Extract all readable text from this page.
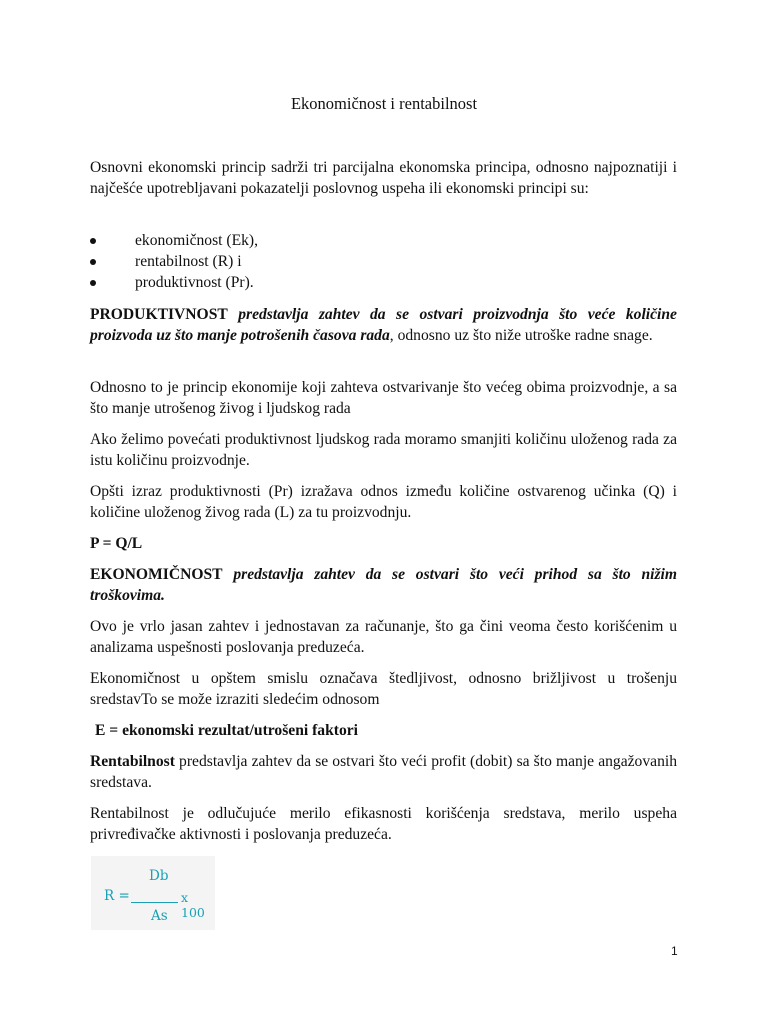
Ekonomičnost i rentabilnost

Osnovni ekonomski princip sadrži tri parcijalna ekonomska principa, odnosno najpoznatiji i najčešće upotrebljavani pokazatelji poslovnog uspeha ili ekonomski principi su:

ekonomičnost (Ek),
rentabilnost (R) i
produktivnost (Pr).

PRODUKTIVNOST predstavlja zahtev da se ostvari proizvodnja što veće količine proizvoda uz što manje potrošenih časova rada, odnosno uz što niže utroške radne snage.

Odnosno to je princip ekonomije koji zahteva ostvarivanje što većeg obima proizvodnje, a sa što manje utrošenog živog i ljudskog rada

Ako želimo povećati produktivnost ljudskog rada moramo smanjiti količinu uloženog rada za istu količinu proizvodnje.

Opšti izraz produktivnosti (Pr) izražava odnos između količine ostvarenog učinka (Q) i količine uloženog živog rada (L) za tu proizvodnju.

P = Q/L

EKONOMIČNOST predstavlja zahtev da se ostvari što veći prihod sa što nižim troškovima.

Ovo je vrlo jasan zahtev i jednostavan za računanje, što ga čini veoma često korišćenim u analizama uspešnosti poslovanja preduzeća.

Ekonomičnost u opštem smislu označava štedljivost, odnosno brižljivost u trošenju sredstavTo se može izraziti sledećim odnosom

E = ekonomski rezultat/utrošeni faktori

Rentabilnost predstavlja zahtev da se ostvari što veći profit (dobit) sa što manje angažovanih sredstava.

Rentabilnost je odlučujuće merilo efikasnosti korišćenja sredstava, merilo uspeha privređivačke aktivnosti i poslovanja preduzeća.

Db
R =	x 100
As
1
